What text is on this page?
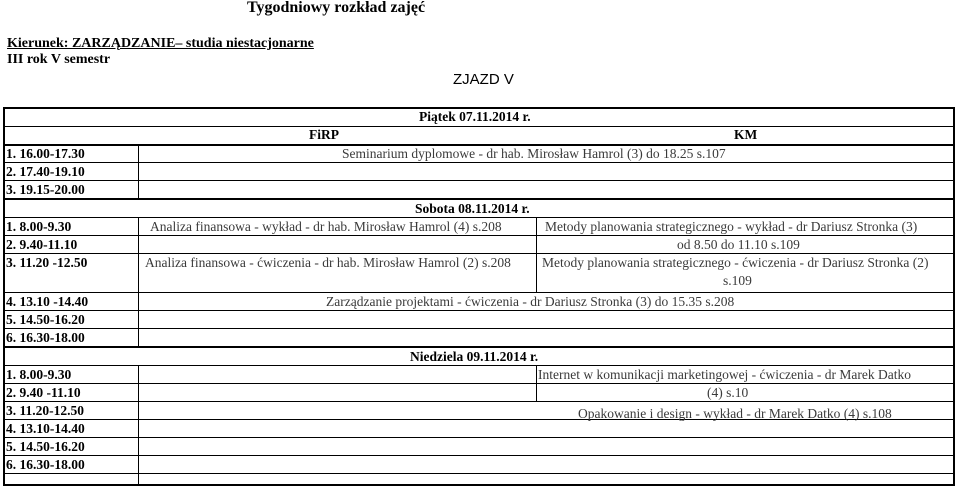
Tygodniowy rozkład zajęć
Kierunek: ZARZĄDZANIE– studia niestacjonarne
III rok V semestr
ZJAZD V
Piątek 07.11.2014 r.
FiRP	KM
1. 16.00-17.30
2. 17.40-19.10
3. 19.15-20.00
Seminarium dyplomowe - dr hab. Mirosław Hamrol (3) do 18.25 s.107
Sobota 08.11.2014 r.
1. 8.00-9.30
2. 9.40-11.10
3. 11.20 -12.50
4. 13.10 -14.40
5. 14.50-16.20
6. 16.30-18.00
Analiza finansowa - wykład - dr hab. Mirosław Hamrol (4) s.208	Metody planowania strategicznego - wykład - dr Dariusz Stronka (3)
od 8.50 do 11.10 s.109
Analiza finansowa - ćwiczenia - dr hab. Mirosław Hamrol (2) s.208 Metody planowania strategicznego - ćwiczenia - dr Dariusz Stronka (2)
s.109
Zarządzanie projektami - ćwiczenia - dr Dariusz Stronka (3) do 15.35 s.208
Niedziela 09.11.2014 r.
1. 8.00-9.30
2. 9.40 -11.10
3. 11.20-12.50
4. 13.10-14.40
5. 14.50-16.20
6. 16.30-18.00
Internet w komunikacji marketingowej - ćwiczenia - dr Marek Datko
(4) s.10
Opakowanie i design - wykład - dr Marek Datko (4) s.108
